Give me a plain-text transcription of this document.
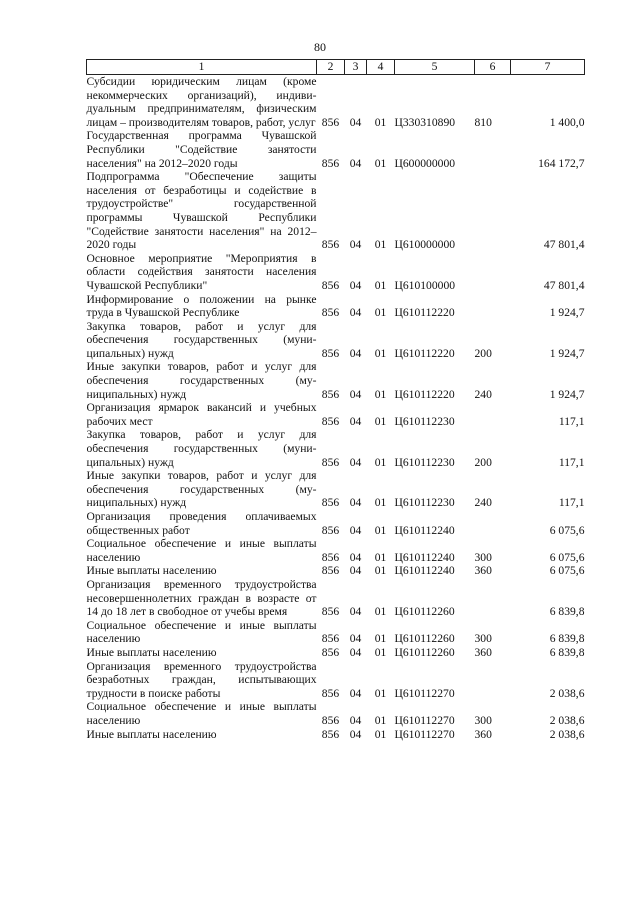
80
1	2	3	4	5	6	7
Субсидии юридическим лицам (кроме некоммерческих организаций), индивидуальным предпринимателям, физическим лицам – производителям товаров, работ, услуг	856	04	01	Ц330310890	810	1 400,0
Государственная программа Чувашской Республики "Содействие занятости населения" на 2012–2020 годы	856	04	01	Ц600000000		164 172,7
Подпрограмма "Обеспечение защиты населения от безработицы и содействие в трудоустройстве" государственной программы Чувашской Республики "Содействие занятости населения" на 2012–2020 годы	856	04	01	Ц610000000		47 801,4
Основное мероприятие "Мероприятия в области содействия занятости населения Чувашской Республики"	856	04	01	Ц610100000		47 801,4
Информирование о положении на рынке труда в Чувашской Республике	856	04	01	Ц610112220		1 924,7
Закупка товаров, работ и услуг для обеспечения государственных (муниципальных) нужд	856	04	01	Ц610112220	200	1 924,7
Иные закупки товаров, работ и услуг для обеспечения государственных (муниципальных) нужд	856	04	01	Ц610112220	240	1 924,7
Организация ярмарок вакансий и учебных рабочих мест	856	04	01	Ц610112230		117,1
Закупка товаров, работ и услуг для обеспечения государственных (муниципальных) нужд	856	04	01	Ц610112230	200	117,1
Иные закупки товаров, работ и услуг для обеспечения государственных (муниципальных) нужд	856	04	01	Ц610112230	240	117,1
Организация проведения оплачиваемых общественных работ	856	04	01	Ц610112240		6 075,6
Социальное обеспечение и иные выплаты населению	856	04	01	Ц610112240	300	6 075,6
Иные выплаты населению	856	04	01	Ц610112240	360	6 075,6
Организация временного трудоустройства несовершеннолетних граждан в возрасте от 14 до 18 лет в свободное от учебы время	856	04	01	Ц610112260		6 839,8
Социальное обеспечение и иные выплаты населению	856	04	01	Ц610112260	300	6 839,8
Иные выплаты населению	856	04	01	Ц610112260	360	6 839,8
Организация временного трудоустройства безработных граждан, испытывающих трудности в поиске работы	856	04	01	Ц610112270		2 038,6
Социальное обеспечение и иные выплаты населению	856	04	01	Ц610112270	300	2 038,6
Иные выплаты населению	856	04	01	Ц610112270	360	2 038,6
